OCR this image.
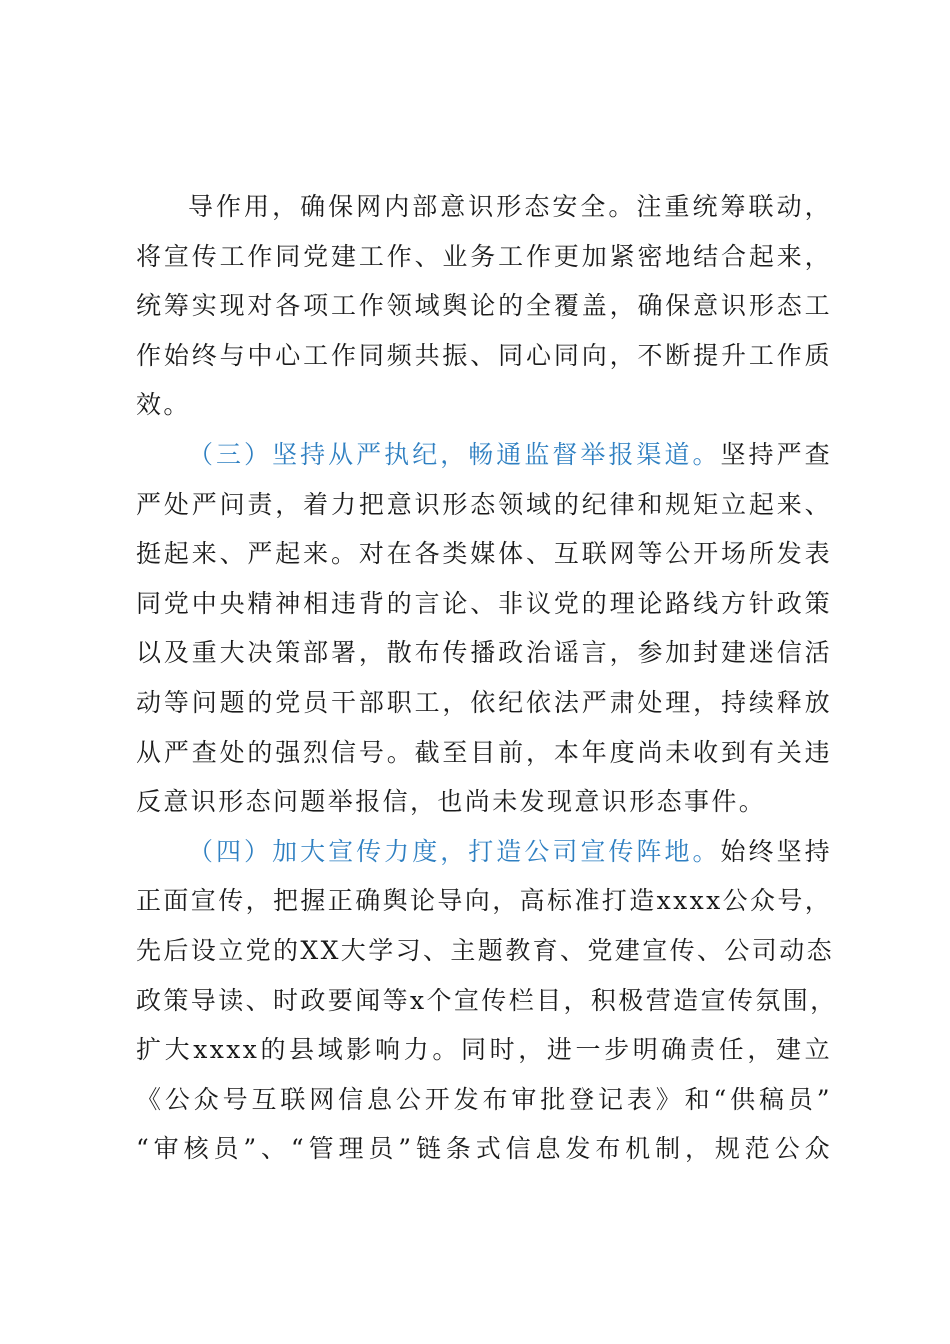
导作用，确保网内部意识形态安全。注重统筹联动，
将宣传工作同党建工作、业务工作更加紧密地结合起来，
统筹实现对各项工作领域舆论的全覆盖，确保意识形态工
作始终与中心工作同频共振、同心同向，不断提升工作质
效。
（三）坚持从严执纪，畅通监督举报渠道。坚持严查
严处严问责，着力把意识形态领域的纪律和规矩立起来、
挺起来、严起来。对在各类媒体、互联网等公开场所发表
同党中央精神相违背的言论、非议党的理论路线方针政策
以及重大决策部署，散布传播政治谣言，参加封建迷信活
动等问题的党员干部职工，依纪依法严肃处理，持续释放
从严查处的强烈信号。截至目前，本年度尚未收到有关违
反意识形态问题举报信，也尚未发现意识形态事件。
（四）加大宣传力度，打造公司宣传阵地。始终坚持
正面宣传，把握正确舆论导向，高标准打造xxxx公众号，
先后设立党的XX大学习、主题教育、党建宣传、公司动态
政策导读、时政要闻等x个宣传栏目，积极营造宣传氛围，
扩大xxxx的县域影响力。同时，进一步明确责任，建立
《公众号互联网信息公开发布审批登记表》和“供稿员”
“审核员”、“管理员”链条式信息发布机制，规范公众
